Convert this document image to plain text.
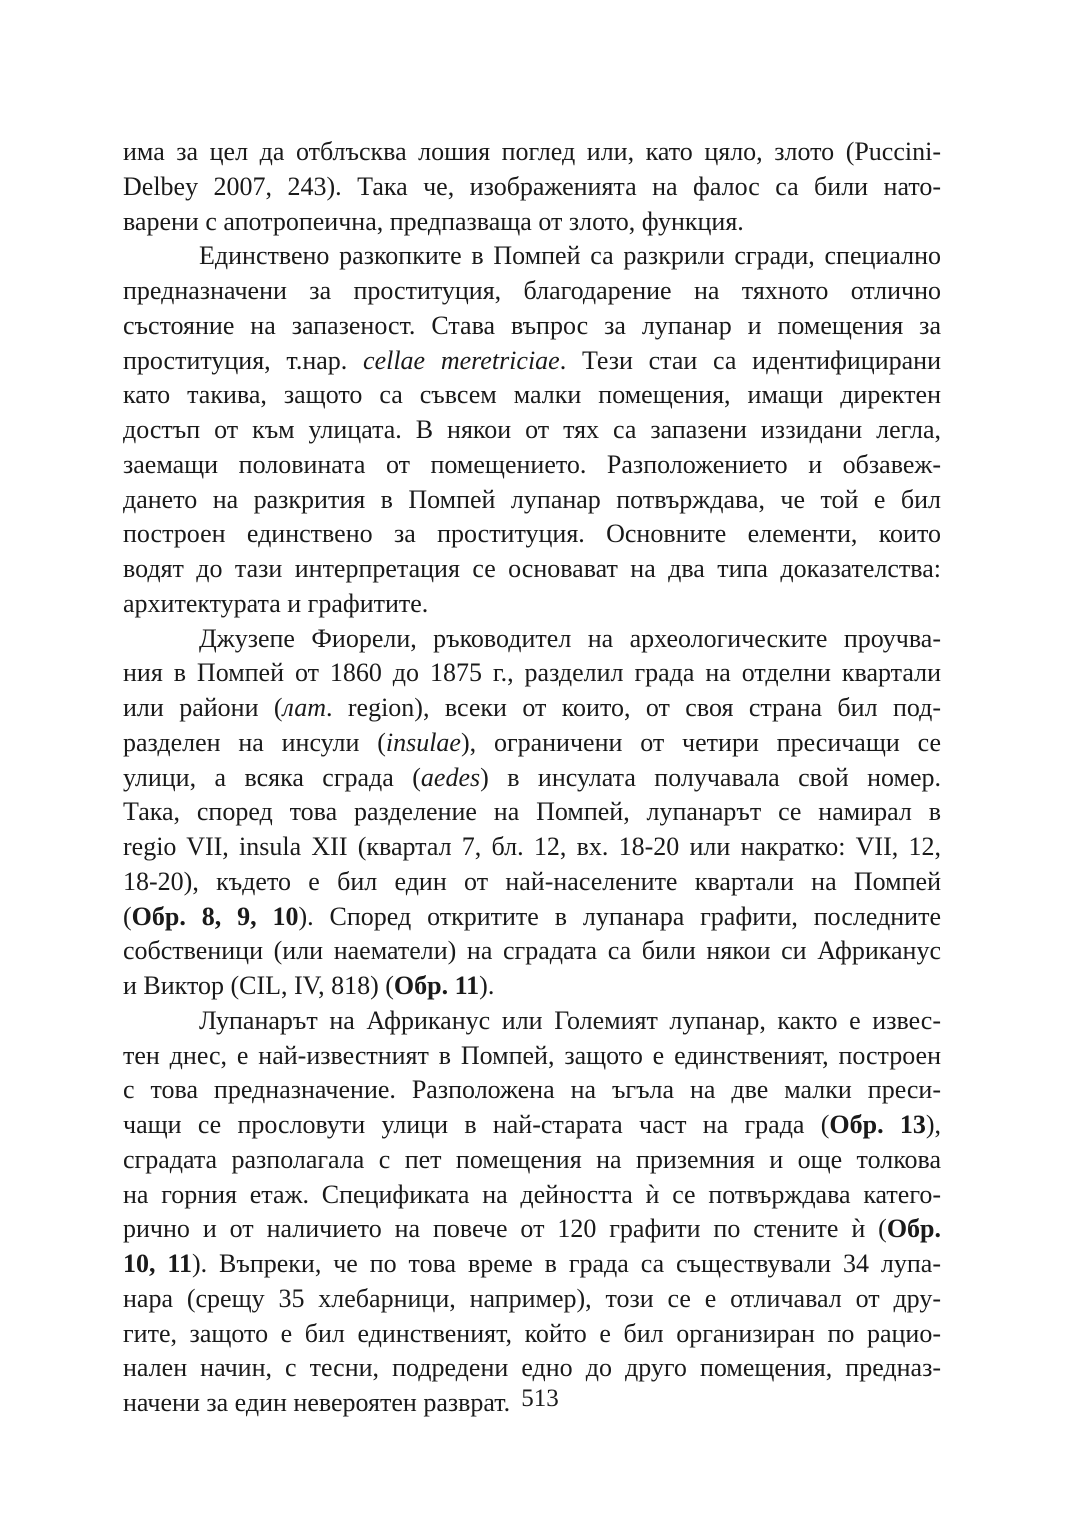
има за цел да отблъсква лошия поглед или, като цяло, злото (Puccini-
Delbey 2007, 243). Така че, изображенията на фалос са били нато-
варени с апотропеична, предпазваща от злото, функция.
Единствено разкопките в Помпей са разкрили сгради, специално
предназначени за проституция, благодарение на тяхното отлично
състояние на запазеност. Става въпрос за лупанар и помещения за
проституция, т.нар. cellae meretriciae. Тези стаи са идентифицирани
като такива, защото са съвсем малки помещения, имащи директен
достъп от към улицата. В някои от тях са запазени иззидани легла,
заемащи половината от помещението. Разположението и обзавеж-
дането на разкрития в Помпей лупанар потвърждава, че той е бил
построен единствено за проституция. Основните елементи, които
водят до тази интерпретация се основават на два типа доказателства:
архитектурата и графитите.
Джузепе Фиорели, ръководител на археологическите проучва-
ния в Помпей от 1860 до 1875 г., разделил града на отделни квартали
или райони (лат. region), всеки от които, от своя страна бил под-
разделен на инсули (insulae), ограничени от четири пресичащи се
улици, а всяка сграда (aedes) в инсулата получавала свой номер.
Така, според това разделение на Помпей, лупанарът се намирал в
regio VII, insula XII (квартал 7, бл. 12, вх. 18-20 или накратко: VII, 12,
18-20), където е бил един от най-населените квартали на Помпей
(Обр. 8, 9, 10). Според откритите в лупанара графити, последните
собственици (или наематели) на сградата са били някои си Африканус
и Виктор (CIL, IV, 818) (Обр. 11).
Лупанарът на Африканус или Големият лупанар, както е извес-
тен днес, е най-известният в Помпей, защото е единственият, построен
с това предназначение. Разположена на ъгъла на две малки преси-
чащи се прословути улици в най-старата част на града (Обр. 13),
сградата разполагала с пет помещения на приземния и още толкова
на горния етаж. Спецификата на дейността ѝ се потвърждава катего-
рично и от наличието на повече от 120 графити по стените ѝ (Обр.
10, 11). Въпреки, че по това време в града са съществували 34 лупа-
нара (срещу 35 хлебарници, например), този се е отличавал от дру-
гите, защото е бил единственият, който е бил организиран по рацио-
нален начин, с тесни, подредени едно до друго помещения, предназ-
начени за един невероятен разврат. 513
